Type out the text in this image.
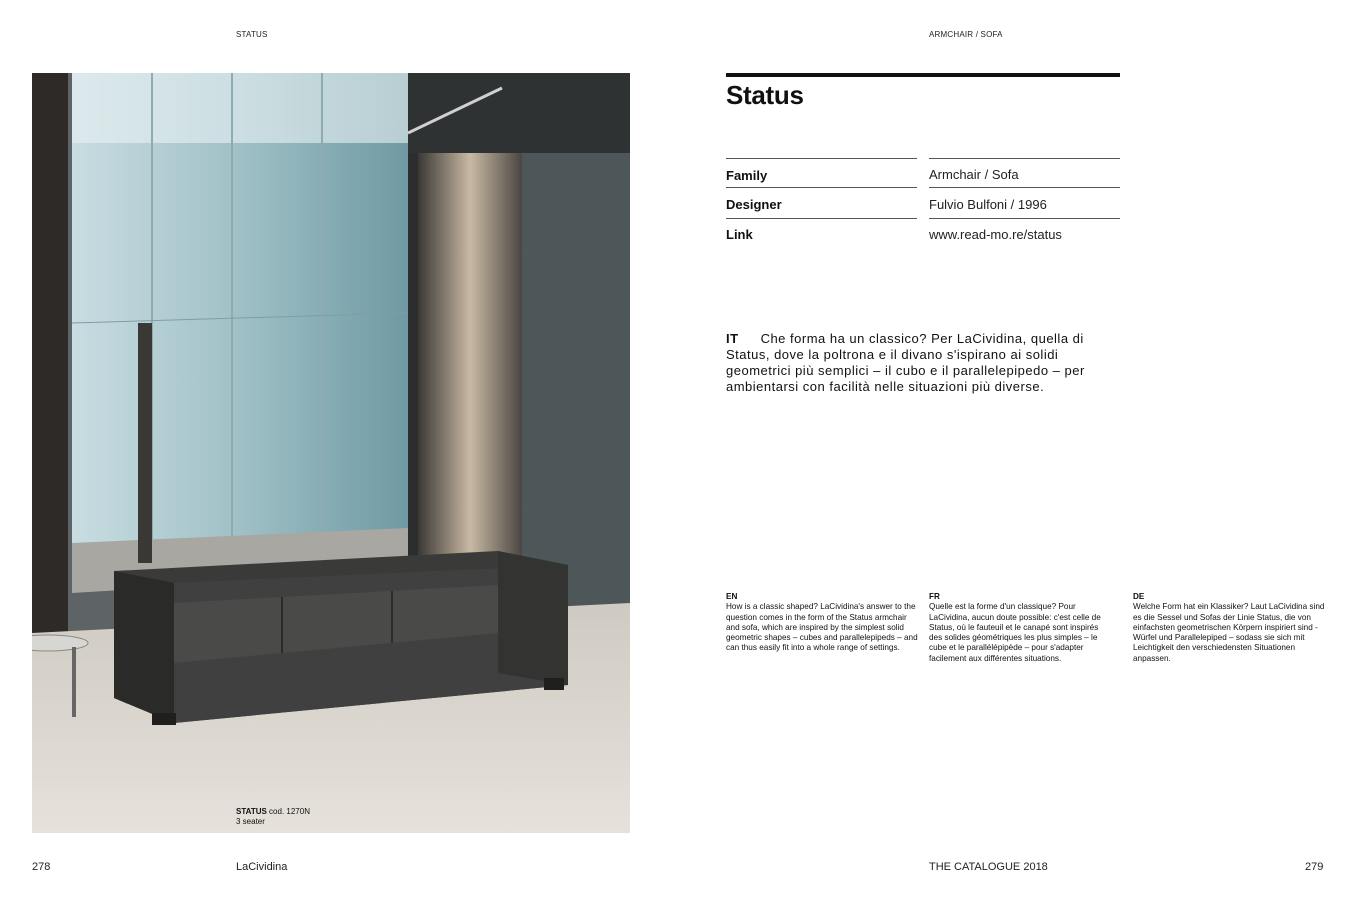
STATUS	ARMCHAIR / SOFA
STATUS cod. 1270N
3 seater
Status
Family	Armchair / Sofa
Designer	Fulvio Bulfoni / 1996
Link	www.read-mo.re/status
IT Che forma ha un classico? Per LaCividina, quella di Status, dove la poltrona e il divano s'ispirano ai solidi geometrici più semplici – il cubo e il parallelepipedo – per ambientarsi con facilità nelle situazioni più diverse.
EN
How is a classic shaped? LaCividina's answer to the question comes in the form of the Status armchair and sofa, which are inspired by the simplest solid geometric shapes – cubes and parallelepipeds – and can thus easily fit into a whole range of settings.
FR
Quelle est la forme d'un classique? Pour LaCividina, aucun doute possible: c'est celle de Status, où le fauteuil et le canapé sont inspirés des solides géométriques les plus simples – le cube et le parallélépipède – pour s'adapter facilement aux différentes situations.
DE
Welche Form hat ein Klassiker? Laut LaCividina sind es die Sessel und Sofas der Linie Status, die von einfachsten geometrischen Körpern inspiriert sind - Würfel und Parallelepiped – sodass sie sich mit Leichtigkeit den verschiedensten Situationen anpassen.
278	LaCividina	THE CATALOGUE 2018	279
